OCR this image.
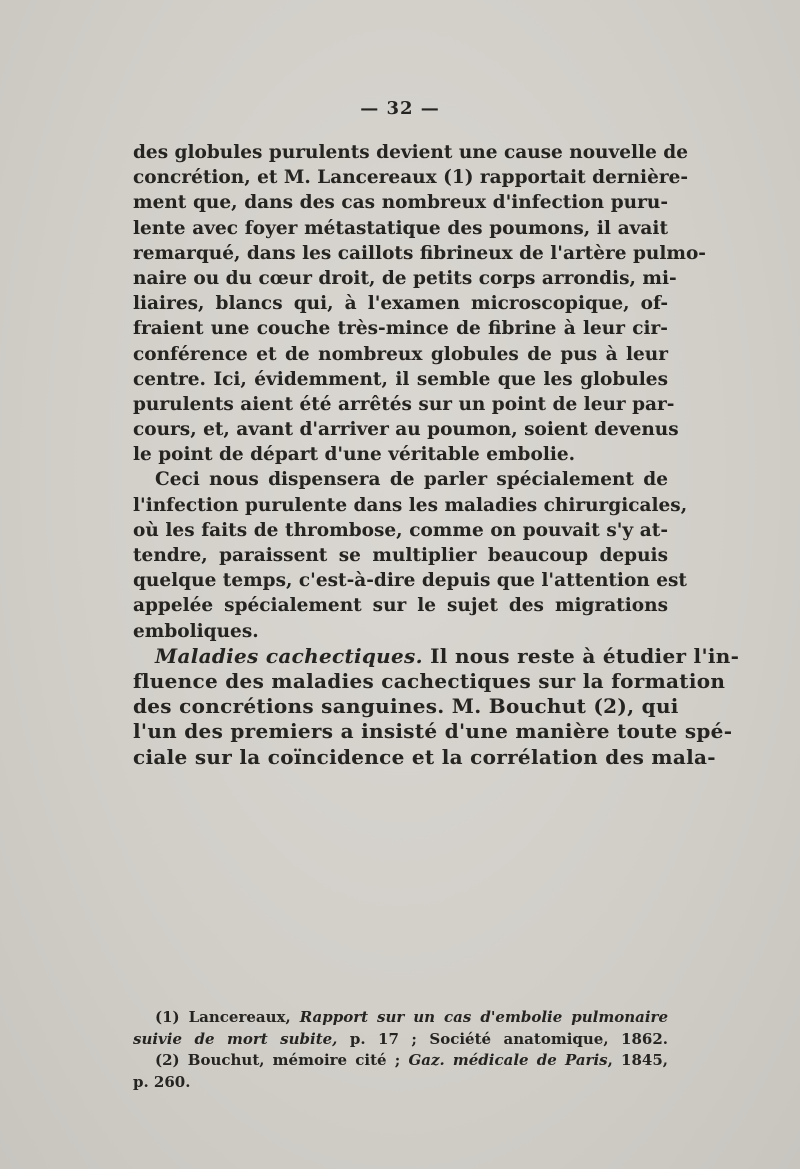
— 32 —
des globules purulents devient une cause nouvelle de
concrétion, et M. Lancereaux (1) rapportait dernière-
ment que, dans des cas nombreux d'infection puru-
lente avec foyer métastatique des poumons, il avait
remarqué, dans les caillots fibrineux de l'artère pulmo-
naire ou du cœur droit, de petits corps arrondis, mi-
liaires, blancs qui, à l'examen microscopique, of-
fraient une couche très-mince de fibrine à leur cir-
conférence et de nombreux globules de pus à leur
centre. Ici, évidemment, il semble que les globules
purulents aient été arrêtés sur un point de leur par-
cours, et, avant d'arriver au poumon, soient devenus
le point de départ d'une véritable embolie.
Ceci nous dispensera de parler spécialement de
l'infection purulente dans les maladies chirurgicales,
où les faits de thrombose, comme on pouvait s'y at-
tendre, paraissent se multiplier beaucoup depuis
quelque temps, c'est-à-dire depuis que l'attention est
appelée spécialement sur le sujet des migrations
emboliques.
Maladies cachectiques. Il nous reste à étudier l'in-
fluence des maladies cachectiques sur la formation
des concrétions sanguines. M. Bouchut (2), qui
l'un des premiers a insisté d'une manière toute spé-
ciale sur la coïncidence et la corrélation des mala-
(1) Lancereaux, Rapport sur un cas d'embolie pulmonaire
suivie de mort subite, p. 17 ; Société anatomique, 1862.
(2) Bouchut, mémoire cité ; Gaz. médicale de Paris, 1845,
p. 260.
